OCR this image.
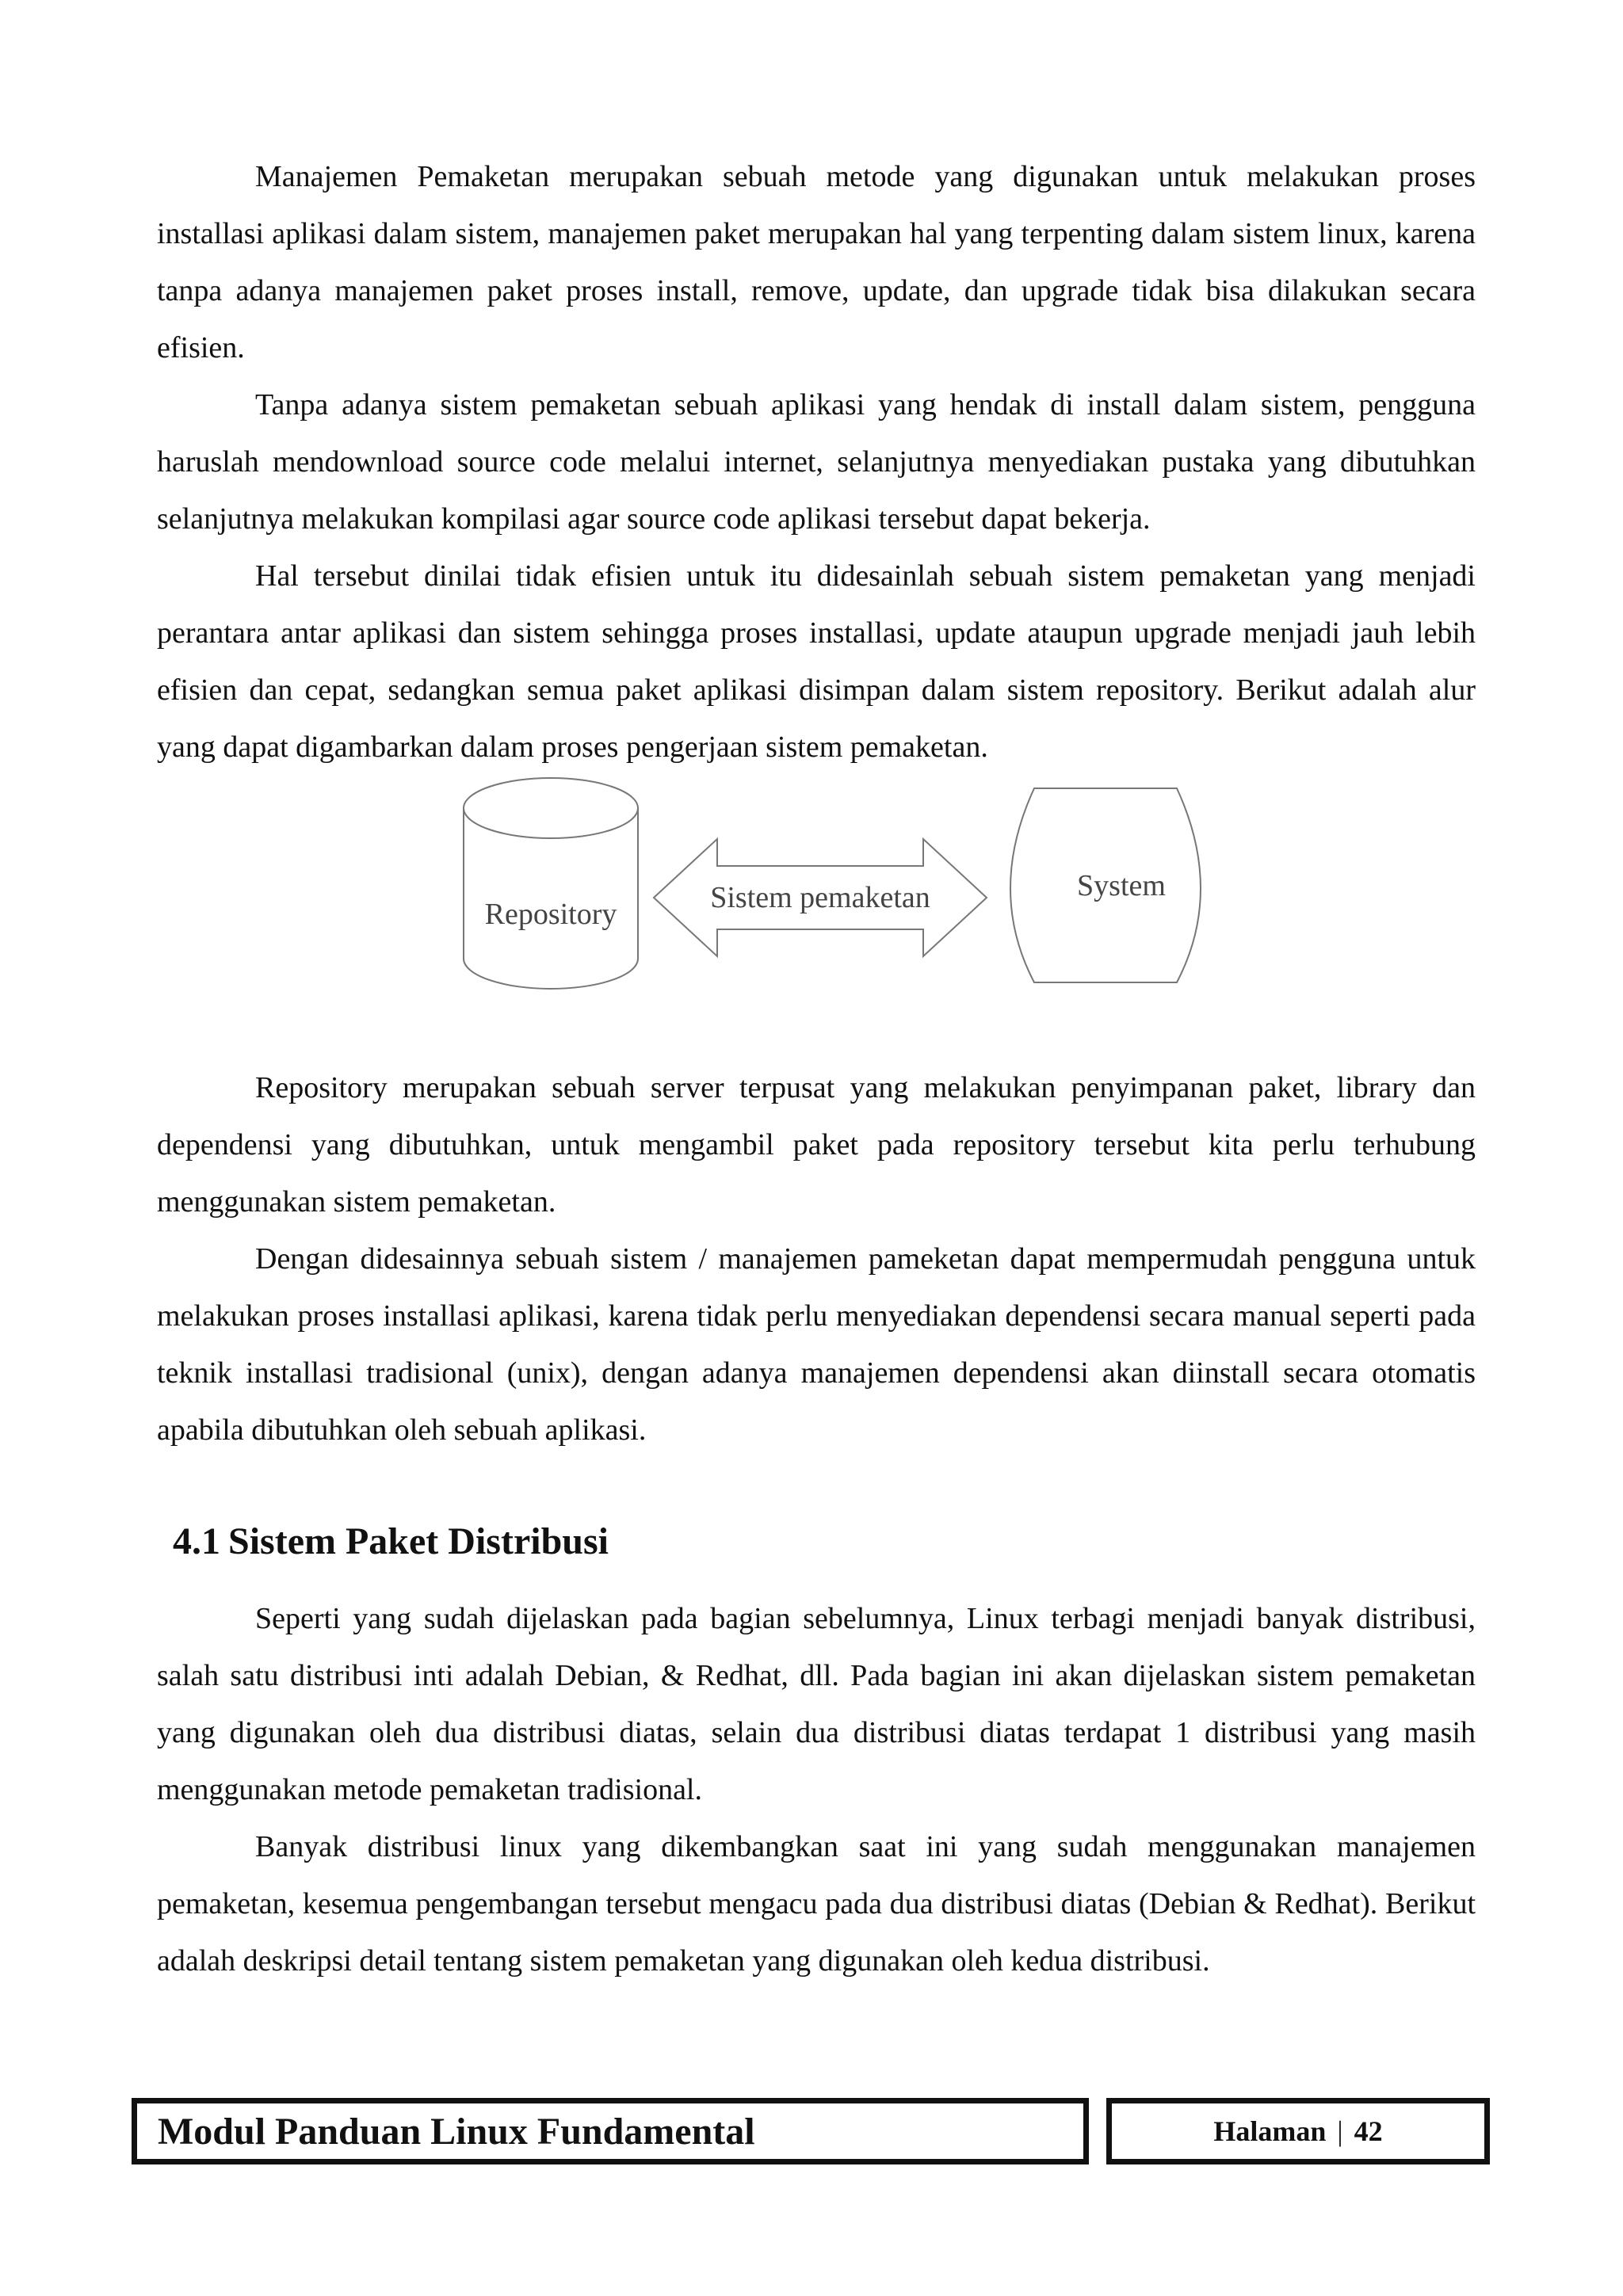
Manajemen Pemaketan merupakan sebuah metode yang digunakan untuk melakukan proses installasi aplikasi dalam sistem, manajemen paket merupakan hal yang terpenting dalam sistem linux, karena tanpa adanya manajemen paket proses install, remove, update, dan upgrade tidak bisa dilakukan secara efisien.

Tanpa adanya sistem pemaketan sebuah aplikasi yang hendak di install dalam sistem, pengguna haruslah mendownload source code melalui internet, selanjutnya menyediakan pustaka yang dibutuhkan selanjutnya melakukan kompilasi agar source code aplikasi tersebut dapat bekerja.

Hal tersebut dinilai tidak efisien untuk itu didesainlah sebuah sistem pemaketan yang menjadi perantara antar aplikasi dan sistem sehingga proses installasi, update ataupun upgrade menjadi jauh lebih efisien dan cepat, sedangkan semua paket aplikasi disimpan dalam sistem repository. Berikut adalah alur yang dapat digambarkan dalam proses pengerjaan sistem pemaketan.

Repository	Sistem pemaketan	System

Repository merupakan sebuah server terpusat yang melakukan penyimpanan paket, library dan dependensi yang dibutuhkan, untuk mengambil paket pada repository tersebut kita perlu terhubung menggunakan sistem pemaketan.

Dengan didesainnya sebuah sistem / manajemen pameketan dapat mempermudah pengguna untuk melakukan proses installasi aplikasi, karena tidak perlu menyediakan dependensi secara manual seperti pada teknik installasi tradisional (unix), dengan adanya manajemen dependensi akan diinstall secara otomatis apabila dibutuhkan oleh sebuah aplikasi.

4.1 Sistem Paket Distribusi

Seperti yang sudah dijelaskan pada bagian sebelumnya, Linux terbagi menjadi banyak distribusi, salah satu distribusi inti adalah Debian, & Redhat, dll. Pada bagian ini akan dijelaskan sistem pemaketan yang digunakan oleh dua distribusi diatas, selain dua distribusi diatas terdapat 1 distribusi yang masih menggunakan metode pemaketan tradisional.

Banyak distribusi linux yang dikembangkan saat ini yang sudah menggunakan manajemen pemaketan, kesemua pengembangan tersebut mengacu pada dua distribusi diatas (Debian & Redhat). Berikut adalah deskripsi detail tentang sistem pemaketan yang digunakan oleh kedua distribusi.

Modul Panduan Linux Fundamental	Halaman | 42
